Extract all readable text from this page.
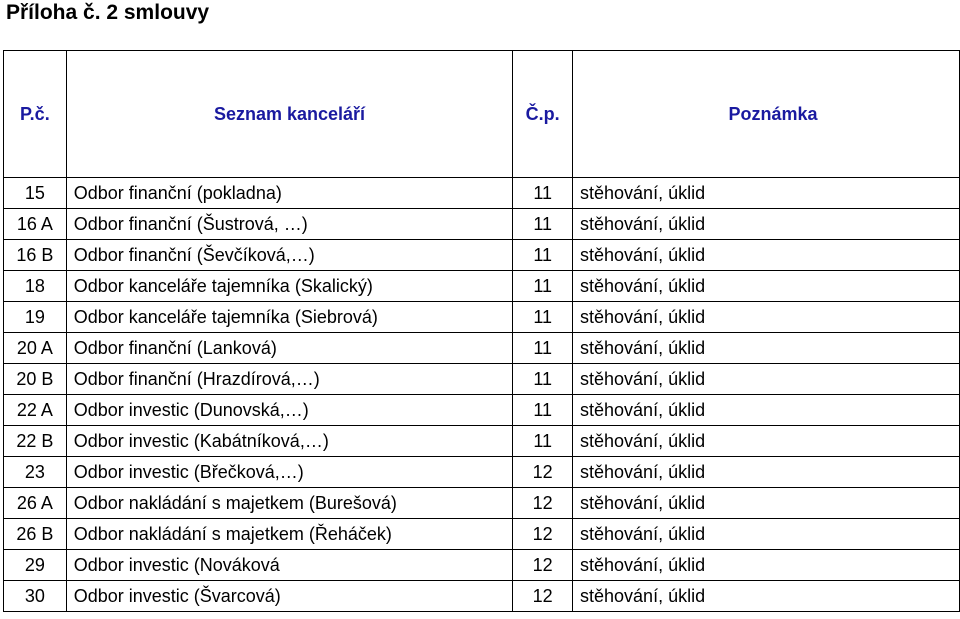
Příloha č. 2 smlouvy
P.č.	Seznam kanceláří	Č.p.	Poznámka
15	Odbor finanční (pokladna)	11	stěhování, úklid
16 A	Odbor finanční (Šustrová, …)	11	stěhování, úklid
16 B	Odbor finanční (Ševčíková,…)	11	stěhování, úklid
18	Odbor kanceláře tajemníka (Skalický)	11	stěhování, úklid
19	Odbor kanceláře tajemníka (Siebrová)	11	stěhování, úklid
20 A	Odbor finanční (Lanková)	11	stěhování, úklid
20 B	Odbor finanční (Hrazdírová,…)	11	stěhování, úklid
22 A	Odbor investic (Dunovská,…)	11	stěhování, úklid
22 B	Odbor investic (Kabátníková,…)	11	stěhování, úklid
23	Odbor investic (Břečková,…)	12	stěhování, úklid
26 A	Odbor nakládání s majetkem (Burešová)	12	stěhování, úklid
26 B	Odbor nakládání s majetkem (Řeháček)	12	stěhování, úklid
29	Odbor investic (Nováková	12	stěhování, úklid
30	Odbor investic (Švarcová)	12	stěhování, úklid
